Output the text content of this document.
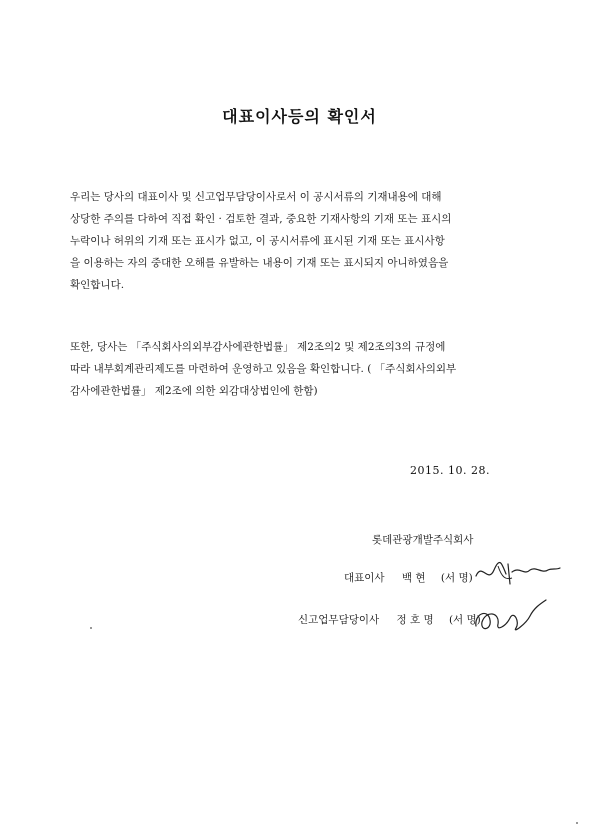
대표이사등의 확인서
우리는 당사의 대표이사 및 신고업무담당이사로서 이 공시서류의 기재내용에 대해
상당한 주의를 다하여 직접 확인 · 검토한 결과, 중요한 기재사항의 기재 또는 표시의
누락이나 허위의 기재 또는 표시가 없고, 이 공시서류에 표시된 기재 또는 표시사항
을 이용하는 자의 중대한 오해를 유발하는 내용이 기재 또는 표시되지 아니하였음을
확인합니다.
또한, 당사는 「주식회사의외부감사에관한법률」 제2조의2 및 제2조의3의 규정에
따라 내부회계관리제도를 마련하여 운영하고 있음을 확인합니다. ( 「주식회사의외부
감사에관한법률」 제2조에 의한 외감대상법인에 한함)
2015. 10. 28.
롯데관광개발주식회사
대표이사 백 현 (서 명)
신고업무담당이사 정 호 명 (서 명)
